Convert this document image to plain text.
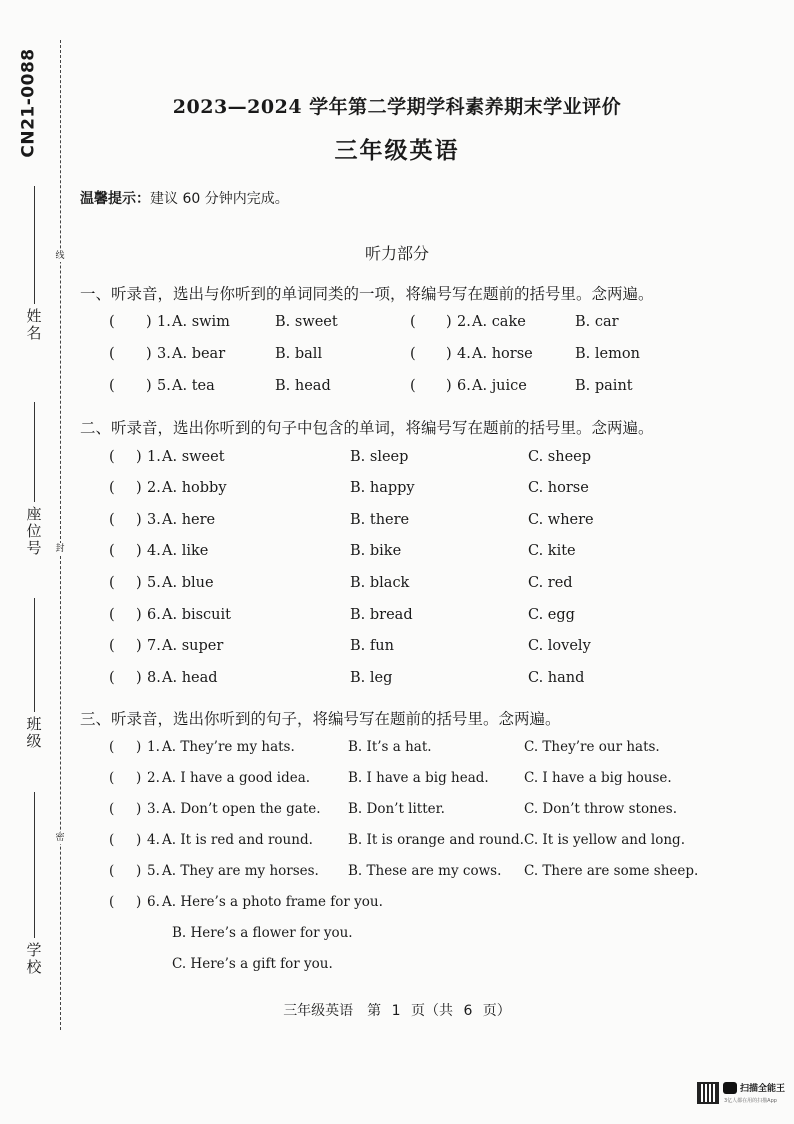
CN21-0088
线
封
密
姓名
座位号
班级
学校
2023—2024 学年第二学期学科素养期末学业评价
三年级英语
温馨提示：建议 60 分钟内完成。
听力部分
一、听录音，选出与你听到的单词同类的一项，将编号写在题前的括号里。念两遍。
( ) 1. A. swim	B. sweet	( ) 2. A. cake	B. car
( ) 3. A. bear	B. ball	( ) 4. A. horse	B. lemon
( ) 5. A. tea	B. head	( ) 6. A. juice	B. paint
二、听录音，选出你听到的句子中包含的单词，将编号写在题前的括号里。念两遍。
( ) 1. A. sweet	B. sleep	C. sheep
( ) 2. A. hobby	B. happy	C. horse
( ) 3. A. here	B. there	C. where
( ) 4. A. like	B. bike	C. kite
( ) 5. A. blue	B. black	C. red
( ) 6. A. biscuit	B. bread	C. egg
( ) 7. A. super	B. fun	C. lovely
( ) 8. A. head	B. leg	C. hand
三、听录音，选出你听到的句子，将编号写在题前的括号里。念两遍。
( ) 1. A. They’re my hats.	B. It’s a hat.	C. They’re our hats.
( ) 2. A. I have a good idea.	B. I have a big head.	C. I have a big house.
( ) 3. A. Don’t open the gate. B. Don’t litter.	C. Don’t throw stones.
( ) 4. A. It is red and round.	B. It is orange and round. C. It is yellow and long.
( ) 5. A. They are my horses. B. These are my cows. C. There are some sheep.
( ) 6. A. Here’s a photo frame for you.
B. Here’s a flower for you.
C. Here’s a gift for you.
三年级英语　第 1 页（共 6 页）
扫描全能王
3亿人都在用的扫描App
